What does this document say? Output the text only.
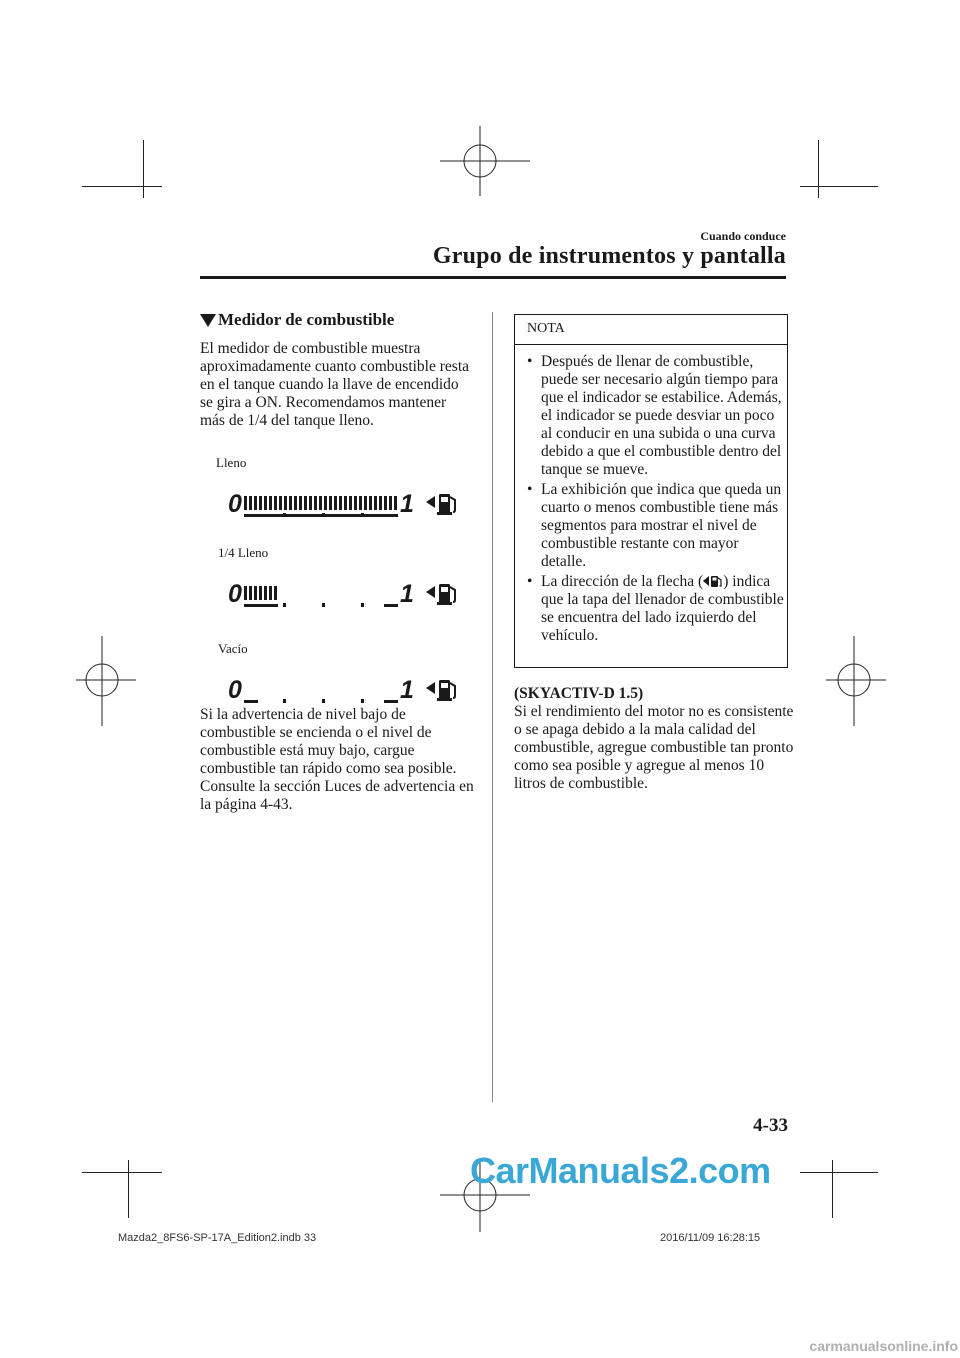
Cuando conduce
Grupo de instrumentos y pantalla
Medidor de combustible
El medidor de combustible muestra aproximadamente cuanto combustible resta en el tanque cuando la llave de encendido se gira a ON. Recomendamos mantener más de 1/4 del tanque lleno.
Lleno
0	1
1/4 Lleno
0	1
Vacío
0	1
Si la advertencia de nivel bajo de combustible se encienda o el nivel de combustible está muy bajo, cargue combustible tan rápido como sea posible. Consulte la sección Luces de advertencia en la página 4-43.
NOTA
• Después de llenar de combustible, puede ser necesario algún tiempo para que el indicador se estabilice. Además, el indicador se puede desviar un poco al conducir en una subida o una curva debido a que el combustible dentro del tanque se mueve.
• La exhibición que indica que queda un cuarto o menos combustible tiene más segmentos para mostrar el nivel de combustible restante con mayor detalle.
• La dirección de la flecha ( ) indica que la tapa del llenador de combustible se encuentra del lado izquierdo del vehículo.
(SKYACTIV-D 1.5)
Si el rendimiento del motor no es consistente o se apaga debido a la mala calidad del combustible, agregue combustible tan pronto como sea posible y agregue al menos 10 litros de combustible.
4-33
CarManuals2.com
Mazda2_8FS6-SP-17A_Edition2.indb 33	2016/11/09 16:28:15
carmanualsonline.info
